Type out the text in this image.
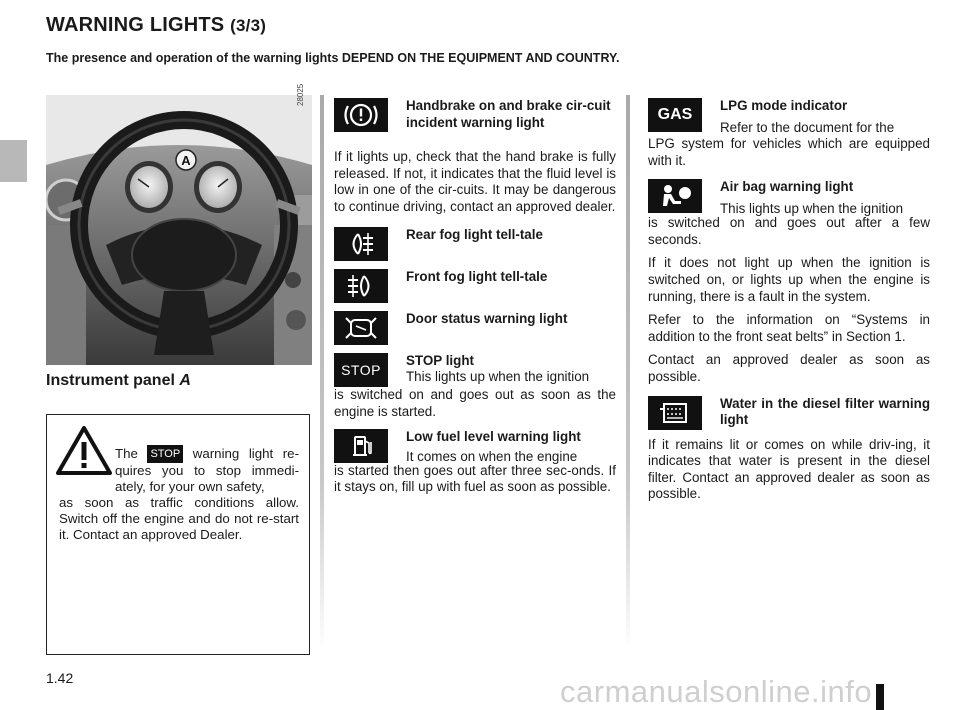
WARNING LIGHTS (3/3)
The presence and operation of the warning lights DEPEND ON THE EQUIPMENT AND COUNTRY.
A
28025
Instrument panel A
The STOP warning light re-quires you to stop immedi-ately, for your own safety,
as soon as traffic conditions allow. Switch off the engine and do not re-start it. Contact an approved Dealer.
Handbrake on and brake cir-cuit incident warning light

If it lights up, check that the hand brake is fully released. If not, it indicates that the fluid level is low in one of the cir-cuits. It may be dangerous to continue driving, contact an approved dealer.

Rear fog light tell-tale
Front fog light tell-tale
Door status warning light
STOP
STOP light
This lights up when the ignition

is switched on and goes out as soon as the engine is started.

Low fuel level warning light
It comes on when the engine

is started then goes out after three sec-onds. If it stays on, fill up with fuel as soon as possible.

GAS
LPG mode indicator
Refer to the document for the

LPG system for vehicles which are equipped with it.

Air bag warning light
This lights up when the ignition

is switched on and goes out after a few seconds.

If it does not light up when the ignition is switched on, or lights up when the engine is running, there is a fault in the system.

Refer to the information on “Systems in addition to the front seat belts” in Section 1.

Contact an approved dealer as soon as possible.

Water in the diesel filter warning light

If it remains lit or comes on while driv-ing, it indicates that water is present in the diesel filter. Contact an approved dealer as soon as possible.

1.42	carmanualsonline.info
